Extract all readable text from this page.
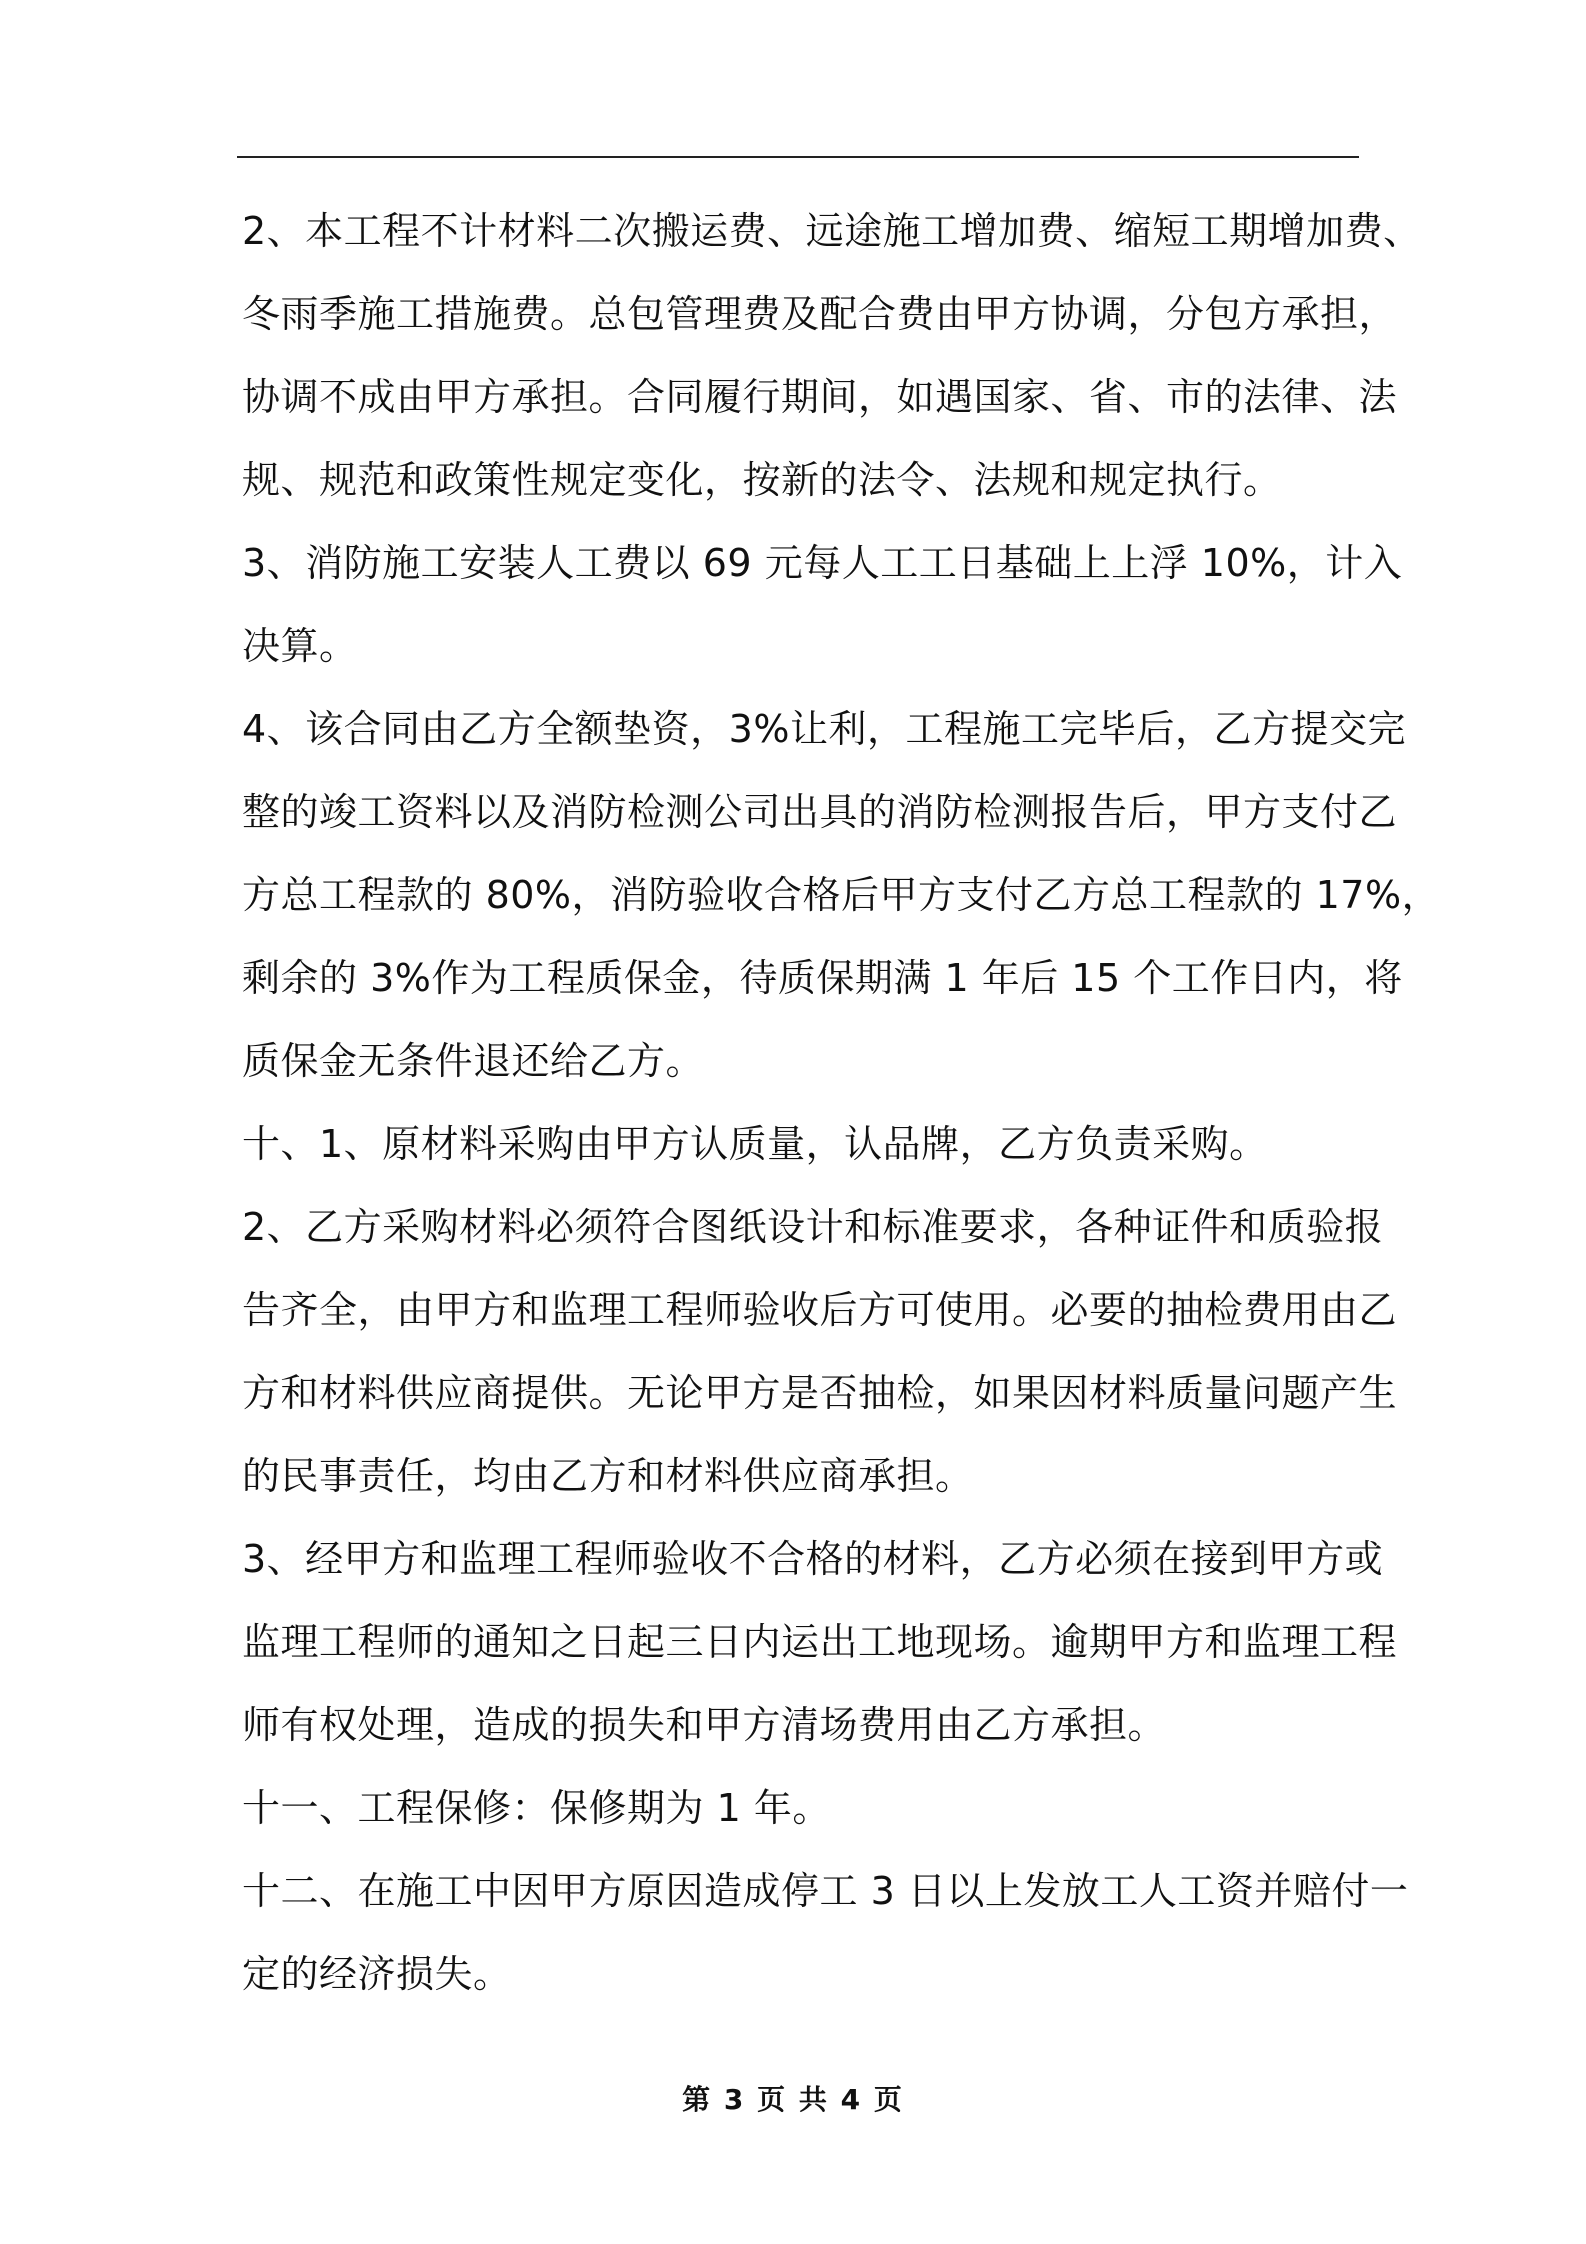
2、本工程不计材料二次搬运费、远途施工增加费、缩短工期增加费、
冬雨季施工措施费。总包管理费及配合费由甲方协调，分包方承担，
协调不成由甲方承担。合同履行期间，如遇国家、省、市的法律、法
规、规范和政策性规定变化，按新的法令、法规和规定执行。
3、消防施工安装人工费以 69 元每人工工日基础上上浮 10%，计入
决算。
4、该合同由乙方全额垫资，3%让利，工程施工完毕后，乙方提交完
整的竣工资料以及消防检测公司出具的消防检测报告后，甲方支付乙
方总工程款的 80%，消防验收合格后甲方支付乙方总工程款的 17%，
剩余的 3%作为工程质保金，待质保期满 1 年后 15 个工作日内，将
质保金无条件退还给乙方。
十、1、原材料采购由甲方认质量，认品牌，乙方负责采购。
2、乙方采购材料必须符合图纸设计和标准要求，各种证件和质验报
告齐全，由甲方和监理工程师验收后方可使用。必要的抽检费用由乙
方和材料供应商提供。无论甲方是否抽检，如果因材料质量问题产生
的民事责任，均由乙方和材料供应商承担。
3、经甲方和监理工程师验收不合格的材料，乙方必须在接到甲方或
监理工程师的通知之日起三日内运出工地现场。逾期甲方和监理工程
师有权处理，造成的损失和甲方清场费用由乙方承担。
十一、工程保修：保修期为 1 年。
十二、在施工中因甲方原因造成停工 3 日以上发放工人工资并赔付一
定的经济损失。
第 3 页 共 4 页
